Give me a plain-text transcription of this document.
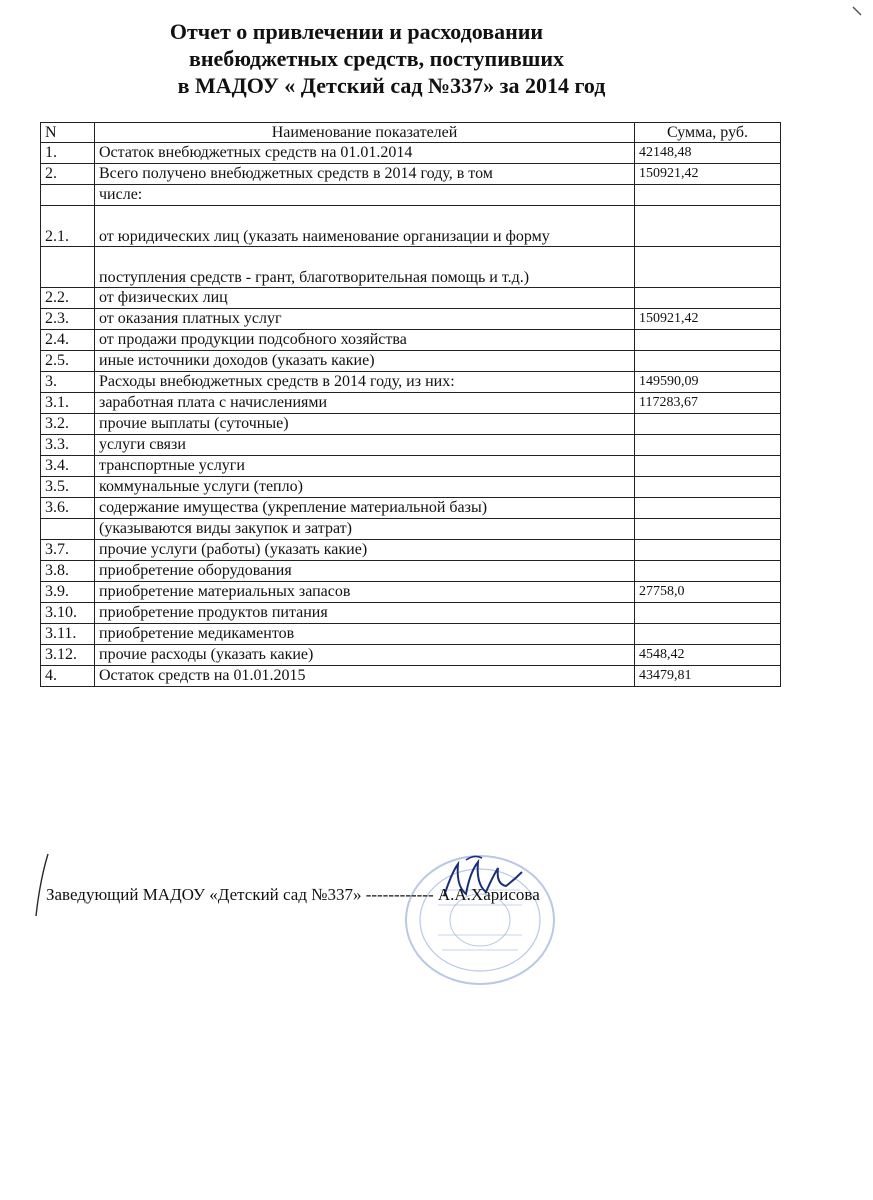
Отчет о привлечении и расходовании
внебюджетных средств, поступивших
в МАДОУ « Детский сад №337» за 2014 год
N	Наименование показателей	Сумма, руб.
1.	Остаток внебюджетных средств на 01.01.2014	42148,48
2.	Всего получено внебюджетных средств в 2014 году, в том	150921,42
	числе:	
2.1.	от юридических лиц (указать наименование организации и форму	
	поступления средств - грант, благотворительная помощь и т.д.)	
2.2.	от физических лиц	
2.3.	от оказания платных услуг	150921,42
2.4.	от продажи продукции подсобного хозяйства	
2.5.	иные источники доходов (указать какие)	
3.	Расходы внебюджетных средств в 2014 году, из них:	149590,09
3.1.	заработная плата с начислениями	117283,67
3.2.	прочие выплаты (суточные)	
3.3.	услуги связи	
3.4.	транспортные услуги	
3.5.	коммунальные услуги (тепло)	
3.6.	содержание имущества (укрепление материальной базы)	
	(указываются виды закупок и затрат)	
3.7.	прочие услуги (работы) (указать какие)	
3.8.	приобретение оборудования	
3.9.	приобретение материальных запасов	27758,0
3.10.	приобретение продуктов питания	
3.11.	приобретение медикаментов	
3.12.	прочие расходы (указать какие)	4548,42
4.	Остаток средств на 01.01.2015	43479,81
Заведующий МАДОУ «Детский сад №337» ------------ А.А.Харисова
